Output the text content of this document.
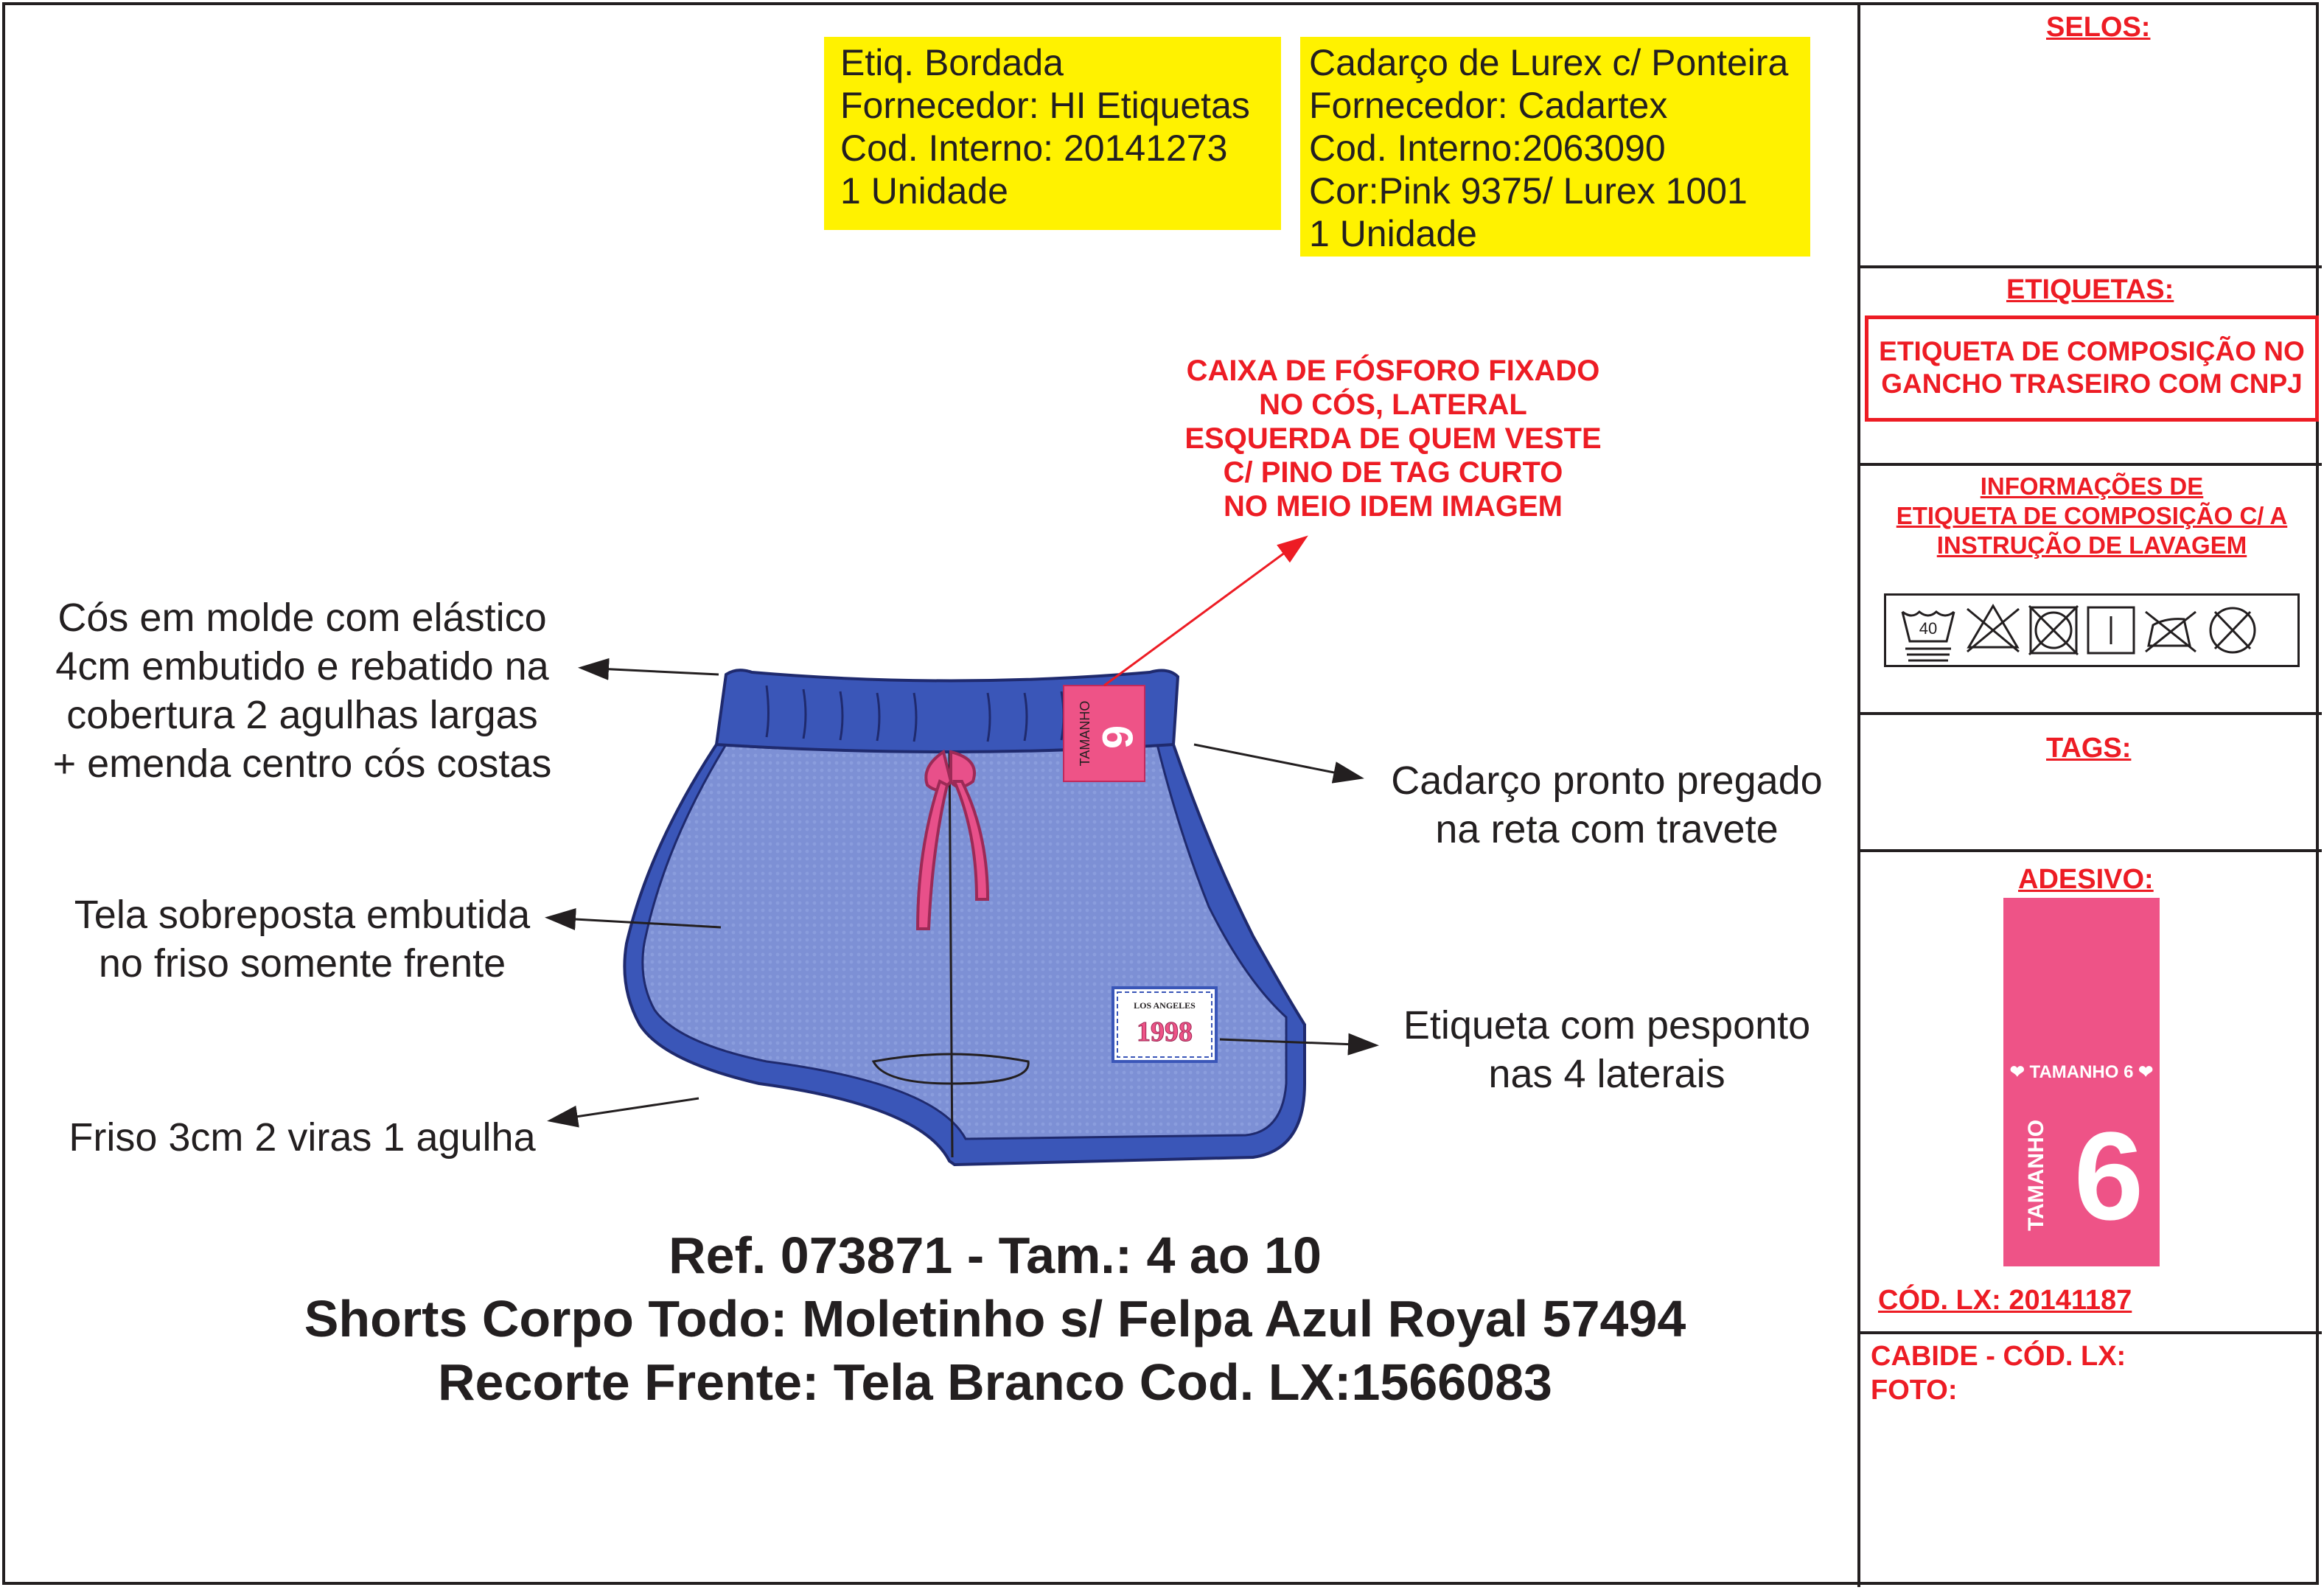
Etiq. Bordada
Fornecedor: HI Etiquetas
Cod. Interno: 20141273
1 Unidade
Cadarço de Lurex c/ Ponteira
Fornecedor: Cadartex
Cod. Interno:2063090
Cor:Pink 9375/ Lurex 1001
1 Unidade
CAIXA DE FÓSFORO FIXADO
NO CÓS, LATERAL
ESQUERDA DE QUEM VESTE
C/ PINO DE TAG CURTO
NO MEIO IDEM IMAGEM
TAMANHO 6
LOS ANGELES
1998
Cós em molde com elástico
4cm embutido e rebatido na
cobertura 2 agulhas largas
+ emenda centro cós costas
Tela sobreposta embutida
no friso somente frente
Friso 3cm 2 viras 1 agulha
Cadarço pronto pregado
na reta com travete
Etiqueta com pesponto
nas 4 laterais
Ref. 073871 - Tam.: 4 ao 10
Shorts Corpo Todo: Moletinho s/ Felpa Azul Royal 57494
Recorte Frente: Tela Branco Cod. LX:1566083
SELOS:
ETIQUETAS:
ETIQUETA DE COMPOSIÇÃO NO
GANCHO TRASEIRO COM CNPJ
INFORMAÇÕES DE
ETIQUETA DE COMPOSIÇÃO C/ A
INSTRUÇÃO DE LAVAGEM
40
TAGS:
ADESIVO:
❤ TAMANHO 6 ❤
TAMANHO 6
CÓD. LX: 20141187
CABIDE - CÓD. LX:
FOTO:
